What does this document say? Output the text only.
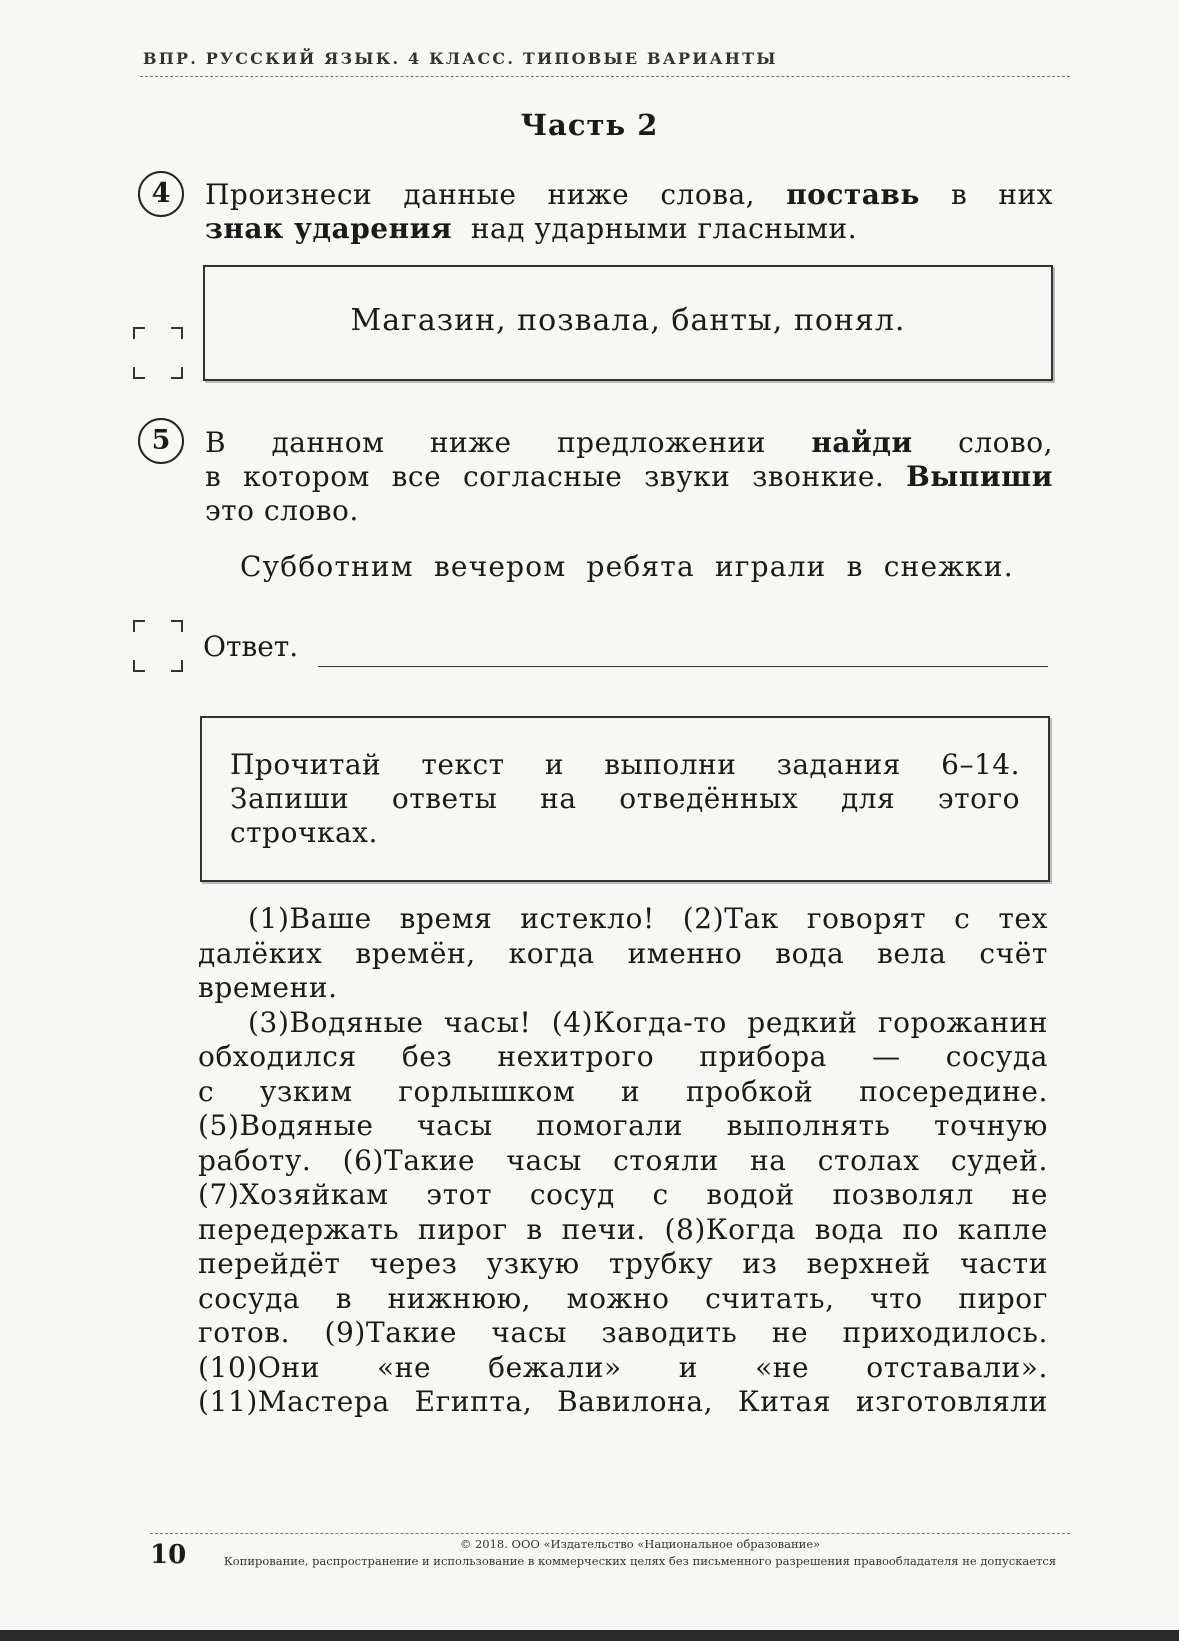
ВПР. РУССКИЙ ЯЗЫК. 4 КЛАСС. ТИПОВЫЕ ВАРИАНТЫ
Часть 2
4	Произнеси данные ниже слова, поставь в них
знак ударения над ударными гласными.
Магазин, позвала, банты, понял.
5	В данном ниже предложении найди слово,
в котором все согласные звуки звонкие. Выпиши
это слово.
Субботним вечером ребята играли в снежки.
Ответ.
Прочитай текст и выполни задания 6–14.
Запиши ответы на отведённых для этого
строчках.
(1)Ваше время истекло! (2)Так говорят с тех
далёких времён, когда именно вода вела счёт
времени.
(3)Водяные часы! (4)Когда-то редкий горожанин
обходился без нехитрого прибора — сосуда
с узким горлышком и пробкой посередине.
(5)Водяные часы помогали выполнять точную
работу. (6)Такие часы стояли на столах судей.
(7)Хозяйкам этот сосуд с водой позволял не
передержать пирог в печи. (8)Когда вода по капле
перейдёт через узкую трубку из верхней части
сосуда в нижнюю, можно считать, что пирог
готов. (9)Такие часы заводить не приходилось.
(10)Они «не бежали» и «не отставали».
(11)Мастера Египта, Вавилона, Китая изготовляли
10	© 2018. ООО «Издательство «Национальное образование»
Копирование, распространение и использование в коммерческих целях без письменного разрешения правообладателя не допускается
